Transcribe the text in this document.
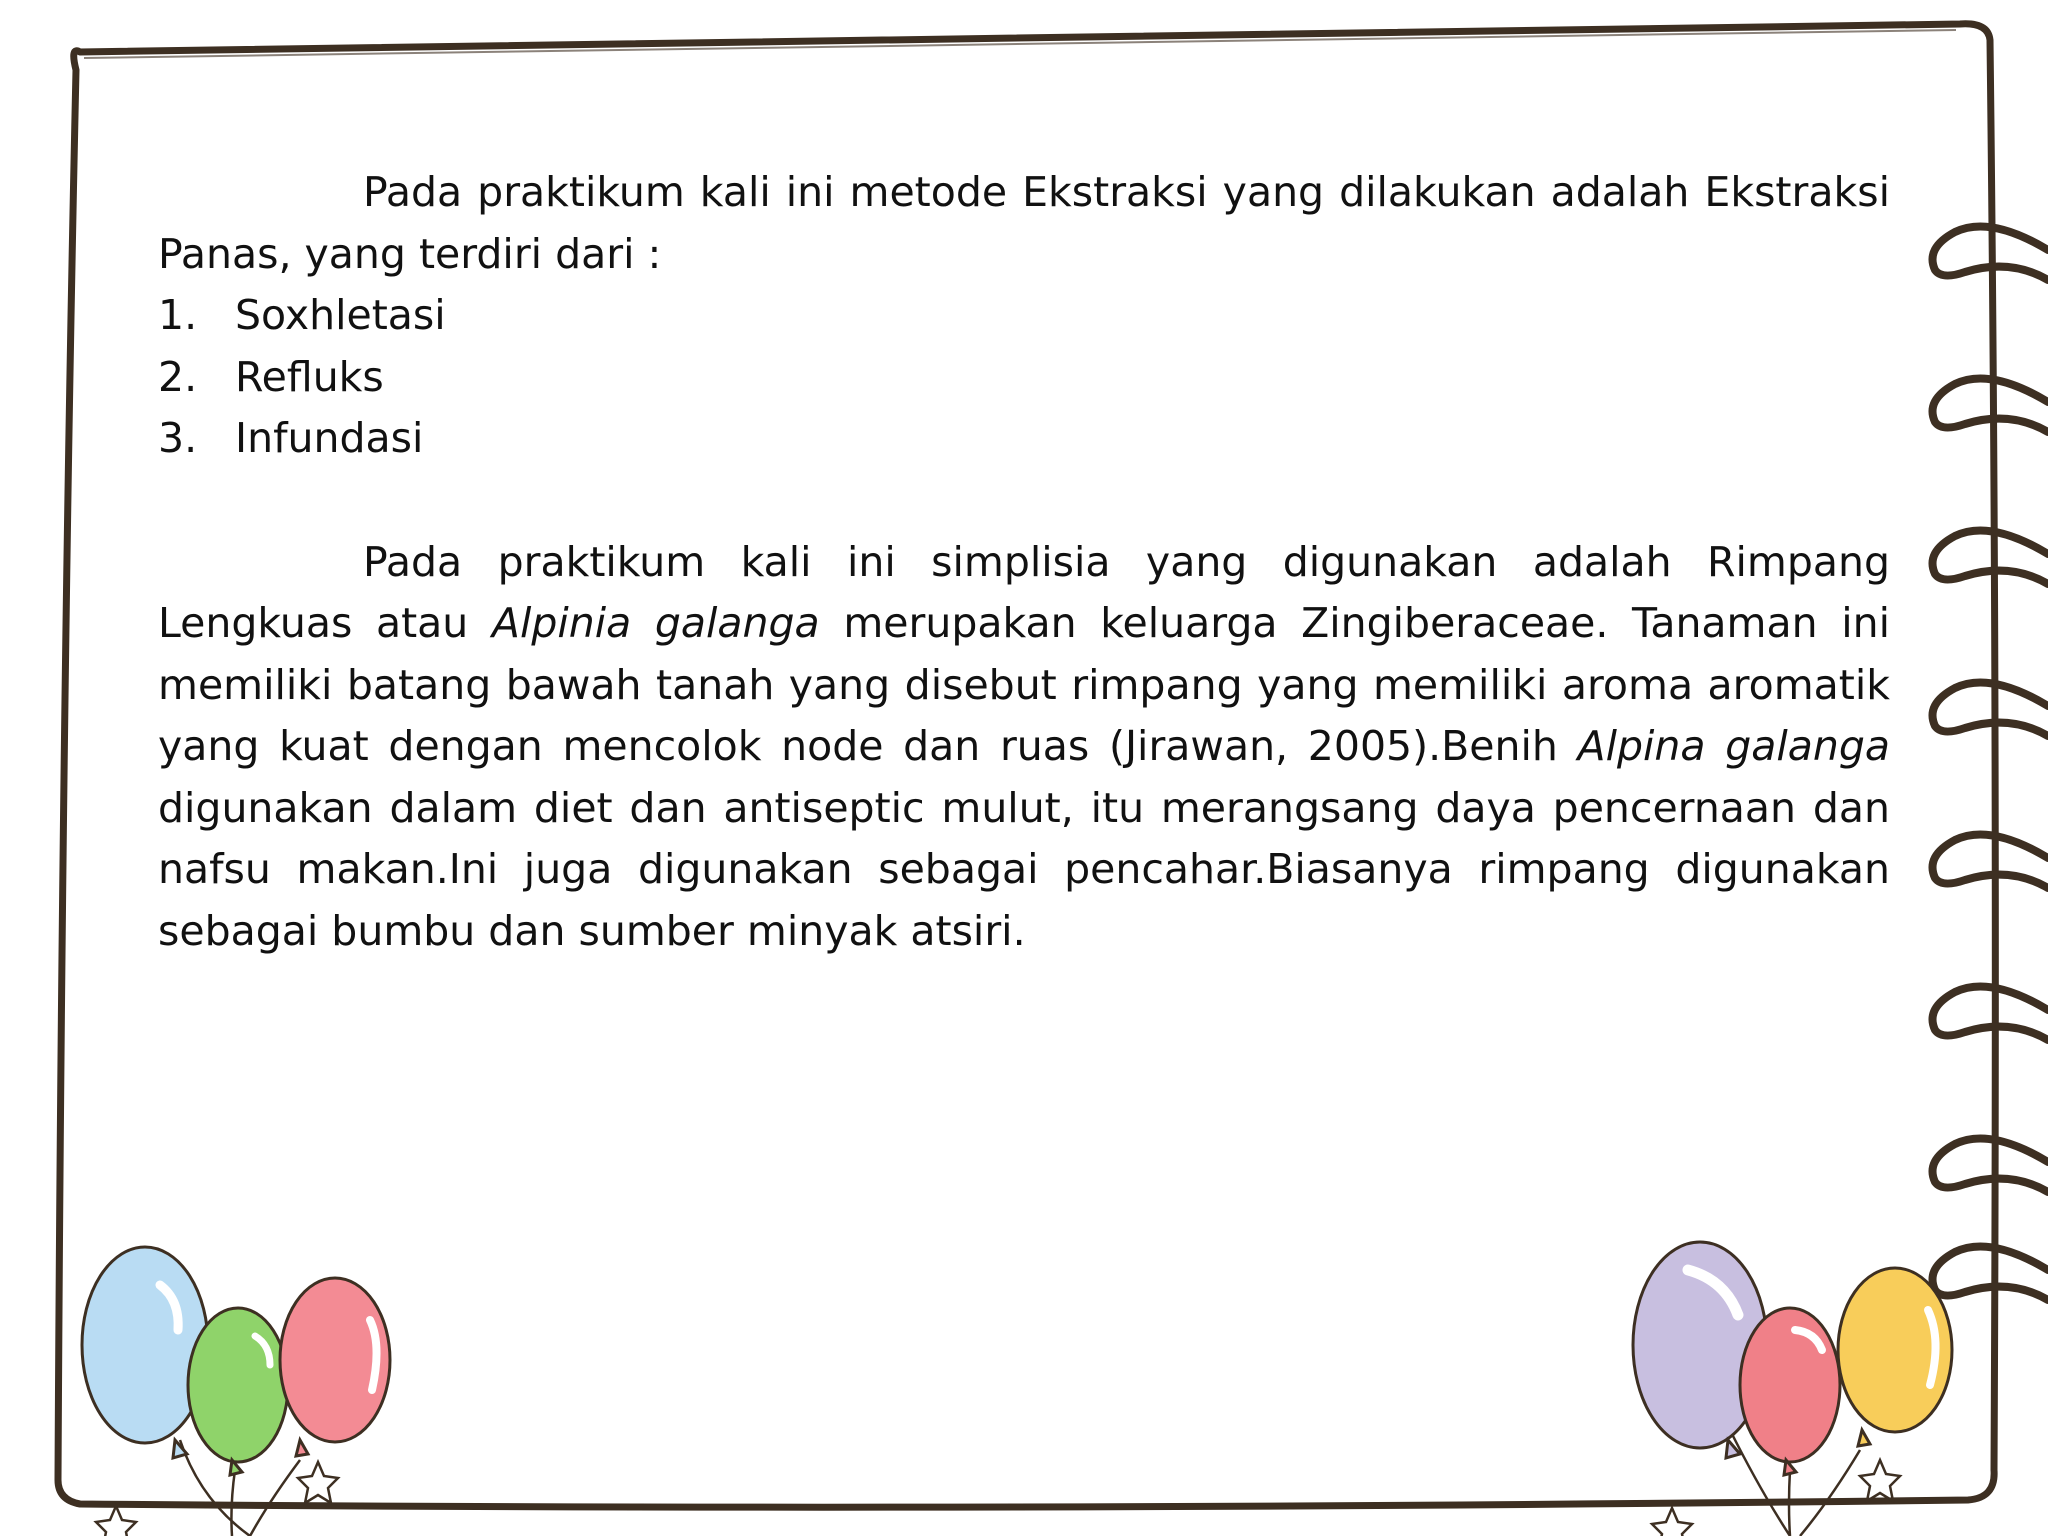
Pada praktikum kali ini metode Ekstraksi yang dilakukan adalah Ekstraksi Panas, yang terdiri dari :

1. Soxhletasi
2. Refluks
3. Infundasi

Pada praktikum kali ini simplisia yang digunakan adalah Rimpang Lengkuas atau Alpinia galanga merupakan keluarga Zingiberaceae. Tanaman ini memiliki batang bawah tanah yang disebut rimpang yang memiliki aroma aromatik yang kuat dengan mencolok node dan ruas (Jirawan, 2005).Benih Alpina galanga digunakan dalam diet dan antiseptic mulut, itu merangsang daya pencernaan dan nafsu makan.Ini juga digunakan sebagai pencahar.Biasanya rimpang digunakan sebagai bumbu dan sumber minyak atsiri.
